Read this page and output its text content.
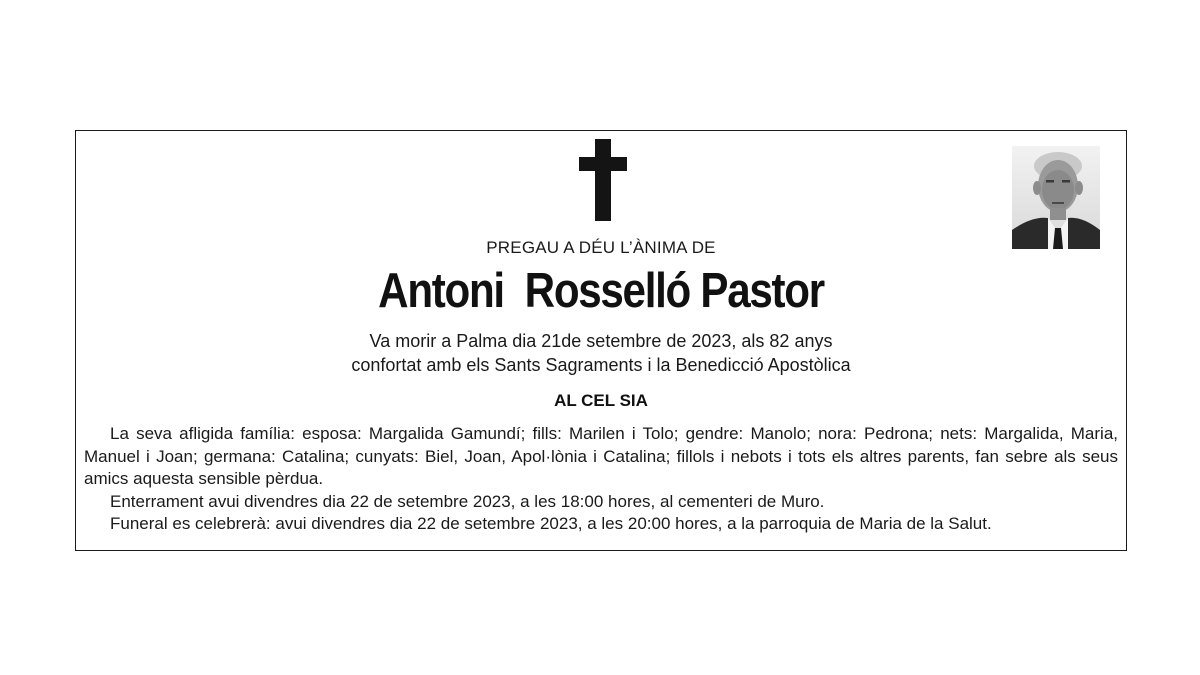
PREGAU A DÉU L’ÀNIMA DE
Antoni  Rosselló Pastor
Va morir a Palma dia 21de setembre de 2023, als 82 anys
confortat amb els Sants Sagraments i la Benedicció Apostòlica
AL CEL SIA

La seva afligida família: esposa: Margalida Gamundí; fills: Marilen i Tolo; gendre: Manolo; nora: Pedrona; nets: Margalida, Maria, Manuel i Joan; germana: Catalina; cunyats: Biel, Joan, Apol·lònia i Catalina; fillols i nebots i tots els altres parents, fan sebre als seus amics aquesta sensible pèrdua.

Enterrament avui divendres dia 22 de setembre 2023, a les 18:00 hores, al cementeri de Muro.

Funeral es celebrerà: avui divendres dia 22 de setembre 2023, a les 20:00 hores, a la parroquia de Maria de la Salut.
